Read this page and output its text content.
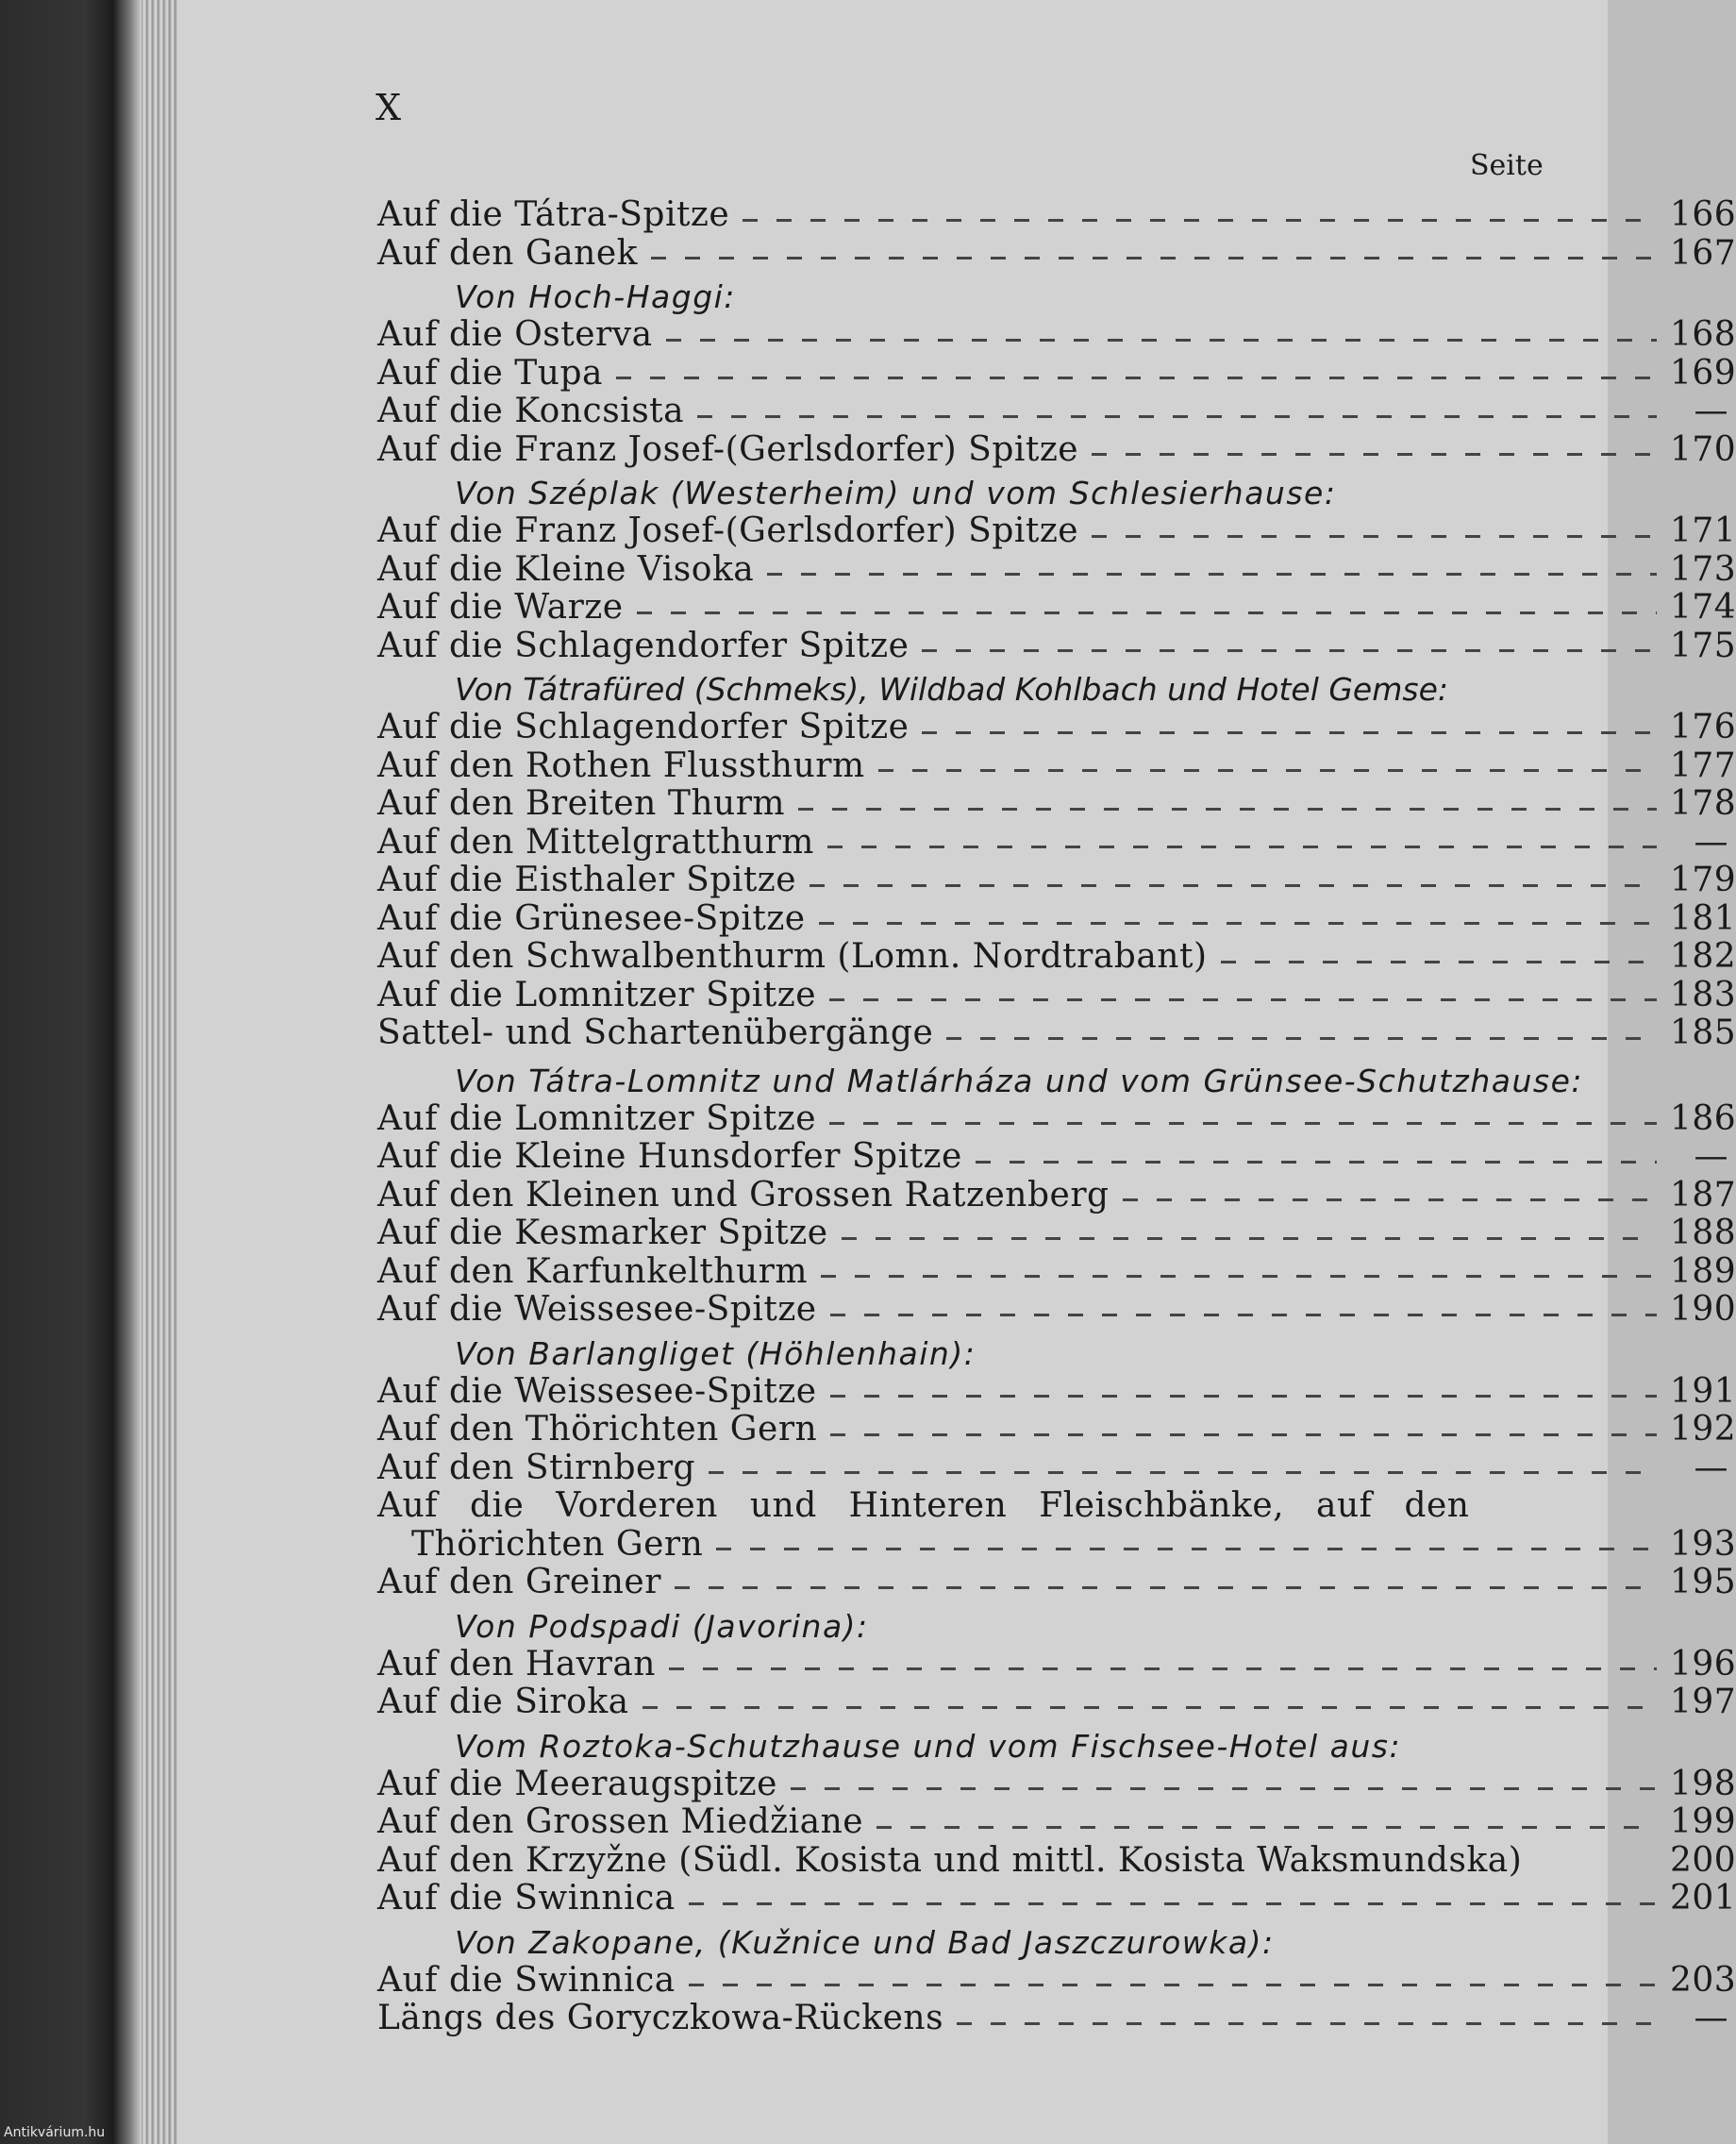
X
Seite
Auf die Tátra-Spitze	166
Auf den Ganek	167
Von Hoch-Haggi:
Auf die Osterva	168
Auf die Tupa	169
Auf die Koncsista	—
Auf die Franz Josef-(Gerlsdorfer) Spitze	170
Von Széplak (Westerheim) und vom Schlesierhause:
Auf die Franz Josef-(Gerlsdorfer) Spitze	171
Auf die Kleine Visoka	173
Auf die Warze	174
Auf die Schlagendorfer Spitze	175
Von Tátrafüred (Schmeks), Wildbad Kohlbach und Hotel Gemse:
Auf die Schlagendorfer Spitze	176
Auf den Rothen Flussthurm	177
Auf den Breiten Thurm	178
Auf den Mittelgratthurm	—
Auf die Eisthaler Spitze	179
Auf die Grünesee-Spitze	181
Auf den Schwalbenthurm (Lomn. Nordtrabant)	182
Auf die Lomnitzer Spitze	183
Sattel- und Schartenübergänge	185
Von Tátra-Lomnitz und Matlárháza und vom Grünsee-Schutzhause:
Auf die Lomnitzer Spitze	186
Auf die Kleine Hunsdorfer Spitze	—
Auf den Kleinen und Grossen Ratzenberg	187
Auf die Kesmarker Spitze	188
Auf den Karfunkelthurm	189
Auf die Weissesee-Spitze	190
Von Barlangliget (Höhlenhain):
Auf die Weissesee-Spitze	191
Auf den Thörichten Gern	192
Auf den Stirnberg	—
Auf die Vorderen und Hinteren Fleischbänke, auf den
Thörichten Gern	193
Auf den Greiner	195
Von Podspadi (Javorina):
Auf den Havran	196
Auf die Siroka	197
Vom Roztoka-Schutzhause und vom Fischsee-Hotel aus:
Auf die Meeraugspitze	198
Auf den Grossen Miedžiane	199
Auf den Krzyžne (Südl. Kosista und mittl. Kosista Waksmundska)	200
Auf die Swinnica	201
Von Zakopane, (Kužnice und Bad Jaszczurowka):
Auf die Swinnica	203
Längs des Goryczkowa-Rückens	—
Antikvárium.hu
